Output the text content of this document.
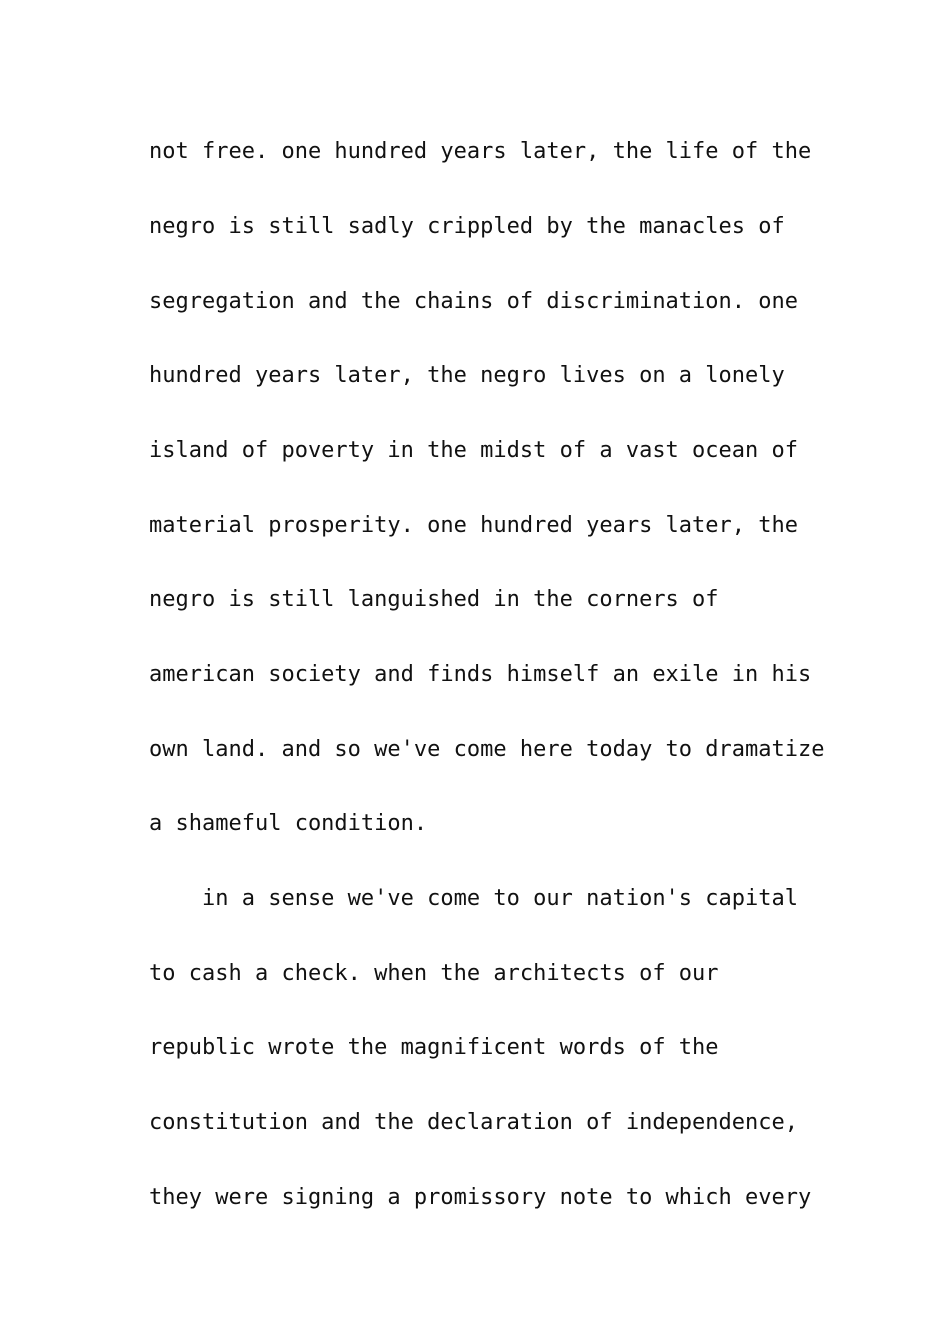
not free. one hundred years later, the life of the
negro is still sadly crippled by the manacles of
segregation and the chains of discrimination. one
hundred years later, the negro lives on a lonely
island of poverty in the midst of a vast ocean of
material prosperity. one hundred years later, the
negro is still languished in the corners of
american society and finds himself an exile in his
own land. and so we've come here today to dramatize
a shameful condition.
in a sense we've come to our nation's capital
to cash a check. when the architects of our
republic wrote the magnificent words of the
constitution and the declaration of independence,
they were signing a promissory note to which every
